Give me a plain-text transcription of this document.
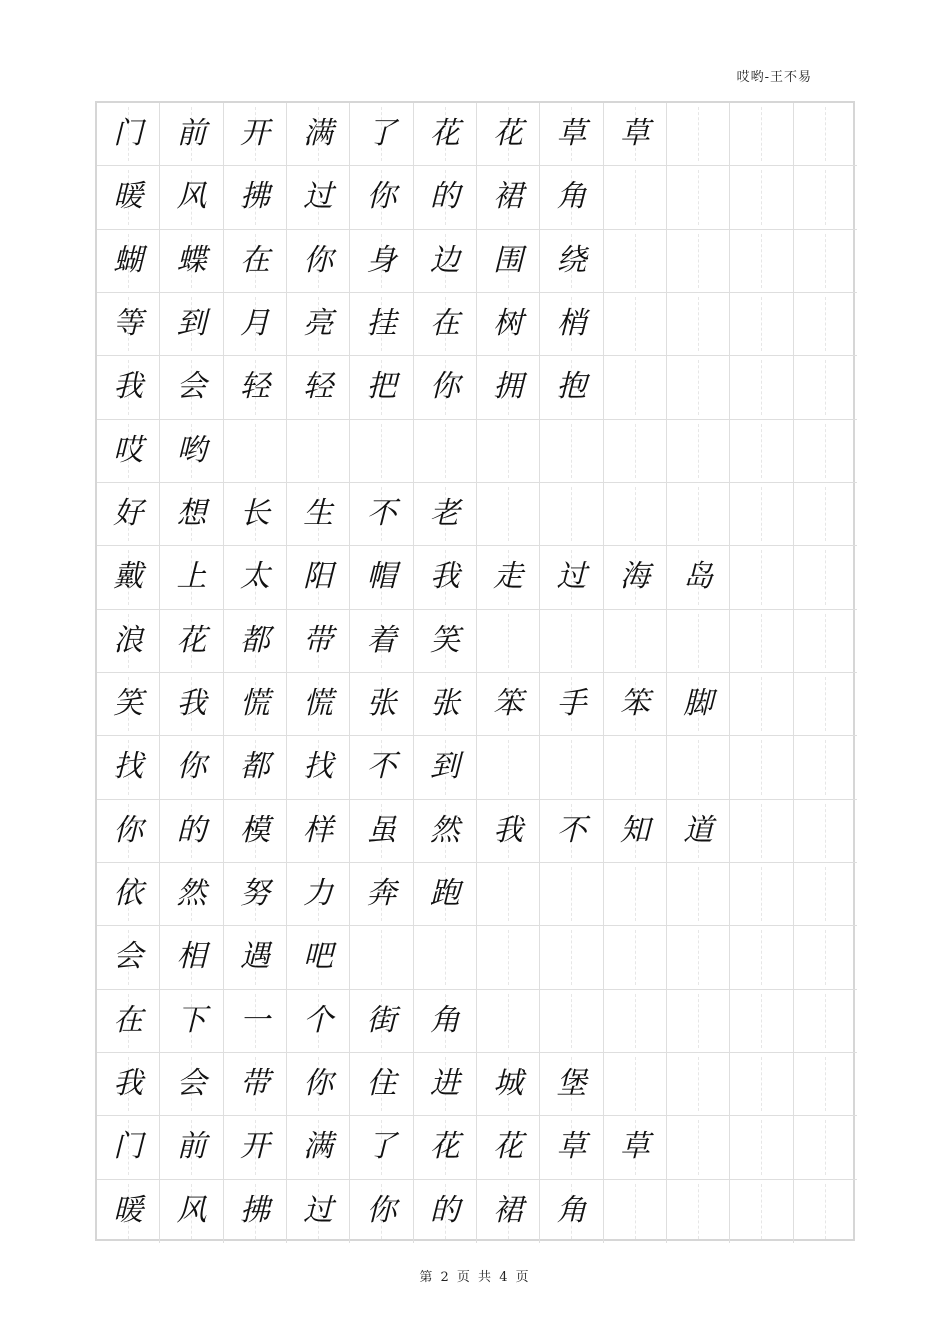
哎哟-王不易
门 前 开 满 了 花 花 草 草
暖 风 拂 过 你 的 裙 角
蝴 蝶 在 你 身 边 围 绕
等 到 月 亮 挂 在 树 梢
我 会 轻 轻 把 你 拥 抱
哎 哟
好 想 长 生 不 老
戴 上 太 阳 帽 我 走 过 海 岛
浪 花 都 带 着 笑
笑 我 慌 慌 张 张 笨 手 笨 脚
找 你 都 找 不 到
你 的 模 样 虽 然 我 不 知 道
依 然 努 力 奔 跑
会 相 遇 吧
在 下 一 个 街 角
我 会 带 你 住 进 城 堡
门 前 开 满 了 花 花 草 草
暖 风 拂 过 你 的 裙 角
第 2 页 共 4 页
